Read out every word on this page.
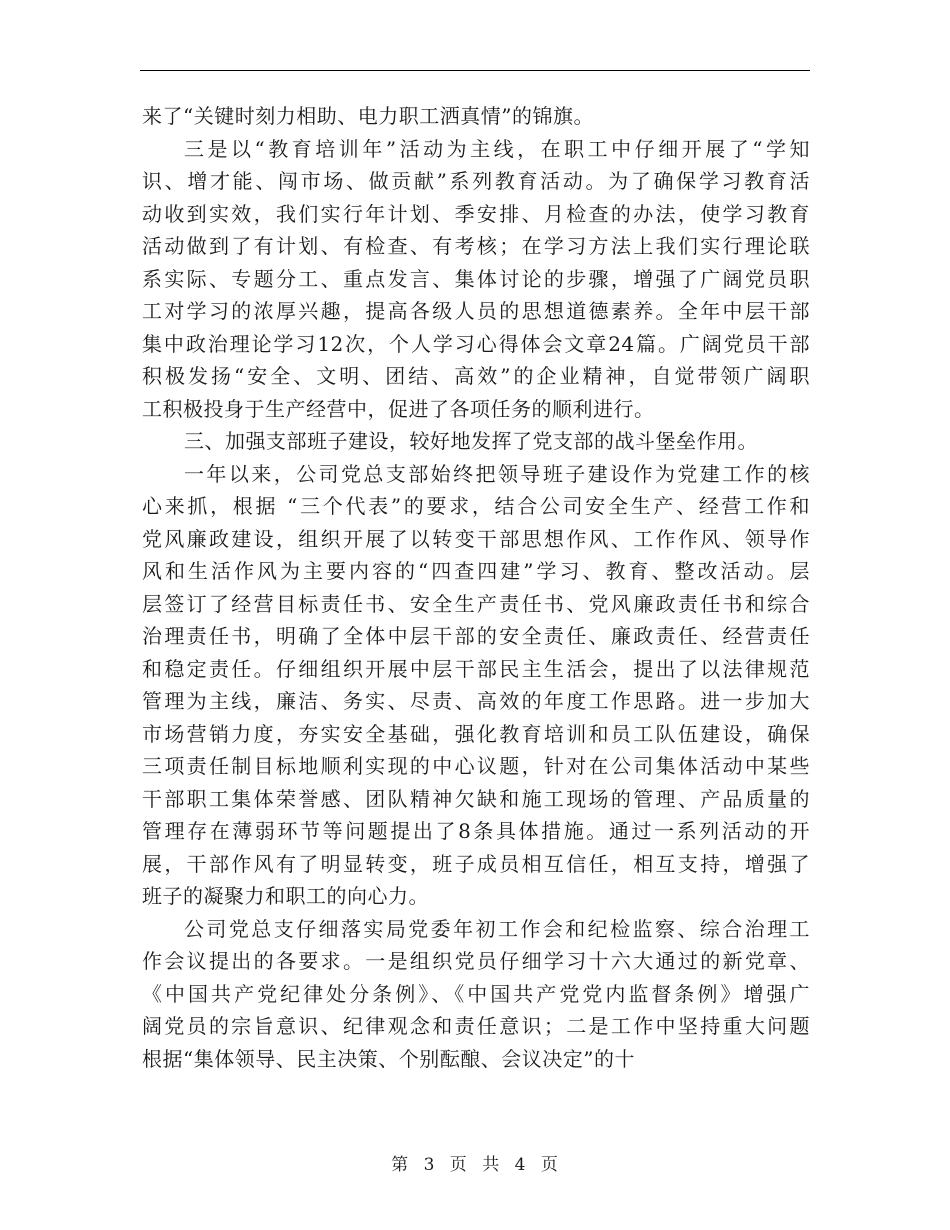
来了“关键时刻力相助、电力职工洒真情”的锦旗。
三是以“教育培训年”活动为主线，在职工中仔细开展了“学知
识、增才能、闯市场、做贡献”系列教育活动。为了确保学习教育活
动收到实效，我们实行年计划、季安排、月检查的办法，使学习教育
活动做到了有计划、有检查、有考核；在学习方法上我们实行理论联
系实际、专题分工、重点发言、集体讨论的步骤，增强了广阔党员职
工对学习的浓厚兴趣，提高各级人员的思想道德素养。全年中层干部
集中政治理论学习12次，个人学习心得体会文章24篇。广阔党员干部
积极发扬“安全、文明、团结、高效”的企业精神，自觉带领广阔职
工积极投身于生产经营中，促进了各项任务的顺利进行。
三、加强支部班子建设，较好地发挥了党支部的战斗堡垒作用。
一年以来，公司党总支部始终把领导班子建设作为党建工作的核
心来抓，根据 “三个代表”的要求，结合公司安全生产、经营工作和
党风廉政建设，组织开展了以转变干部思想作风、工作作风、领导作
风和生活作风为主要内容的“四查四建”学习、教育、整改活动。层
层签订了经营目标责任书、安全生产责任书、党风廉政责任书和综合
治理责任书，明确了全体中层干部的安全责任、廉政责任、经营责任
和稳定责任。仔细组织开展中层干部民主生活会，提出了以法律规范
管理为主线，廉洁、务实、尽责、高效的年度工作思路。进一步加大
市场营销力度，夯实安全基础，强化教育培训和员工队伍建设，确保
三项责任制目标地顺利实现的中心议题，针对在公司集体活动中某些
干部职工集体荣誉感、团队精神欠缺和施工现场的管理、产品质量的
管理存在薄弱环节等问题提出了8条具体措施。通过一系列活动的开
展，干部作风有了明显转变，班子成员相互信任，相互支持，增强了
班子的凝聚力和职工的向心力。
公司党总支仔细落实局党委年初工作会和纪检监察、综合治理工
作会议提出的各要求。一是组织党员仔细学习十六大通过的新党章、
《中国共产党纪律处分条例》、《中国共产党党内监督条例》增强广
阔党员的宗旨意识、纪律观念和责任意识；二是工作中坚持重大问题
根据“集体领导、民主决策、个别酝酿、会议决定”的十
第 3 页 共 4 页
